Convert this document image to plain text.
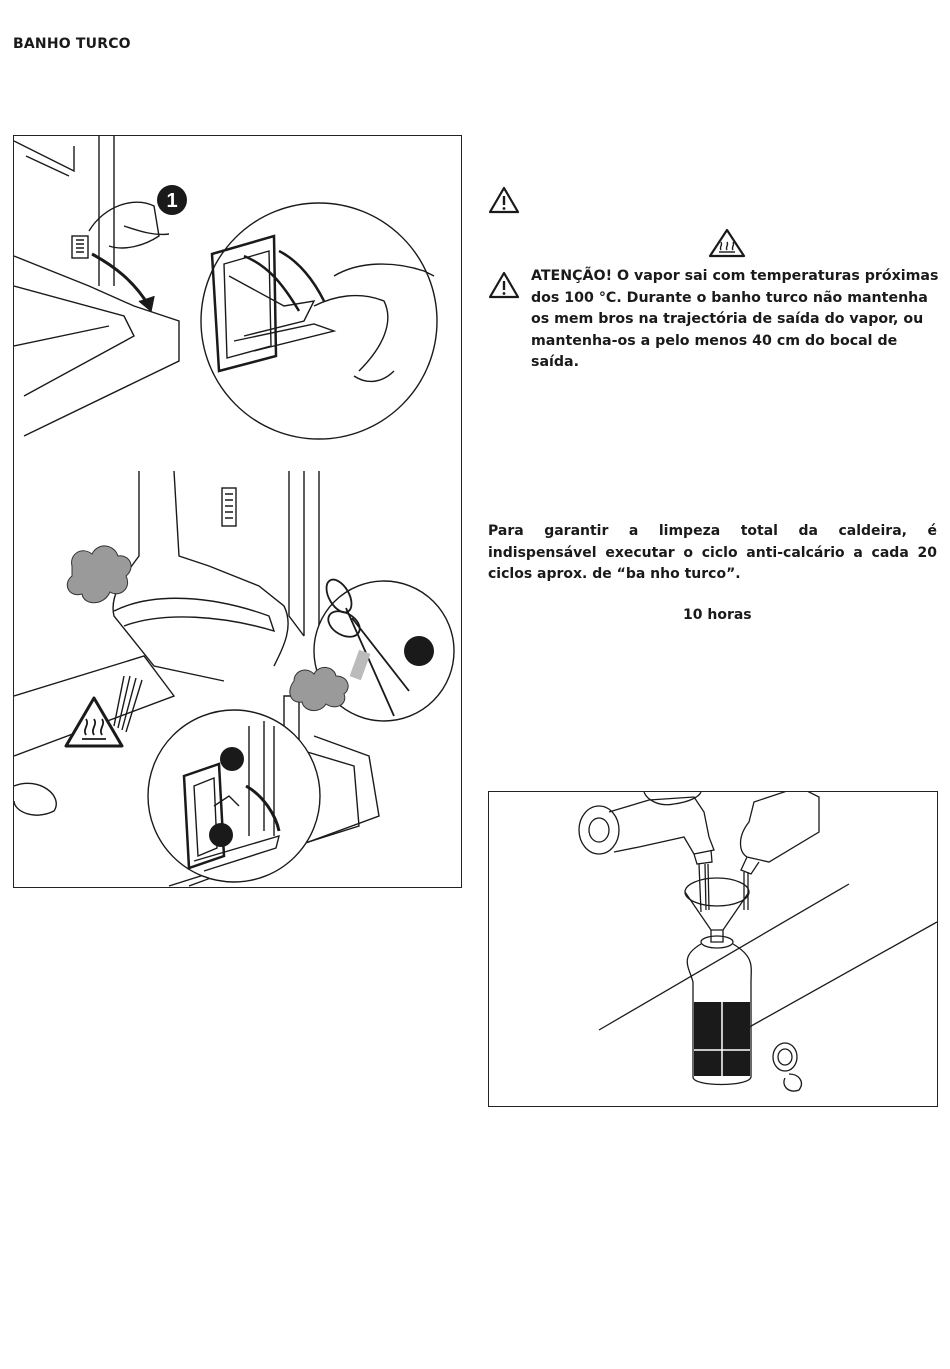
BANHO TURCO
1
ATENÇÃO! O vapor sai com temperaturas próximas dos 100 °C. Durante o banho turco não mantenha os mem bros na trajectória de saída do vapor, ou mantenha-os a pelo menos 40 cm do bocal de saída.
Para garantir a limpeza total da caldeira, é indispensável executar o ciclo anti-calcário a cada 20 ciclos aprox. de “ba nho turco”.
10 horas
